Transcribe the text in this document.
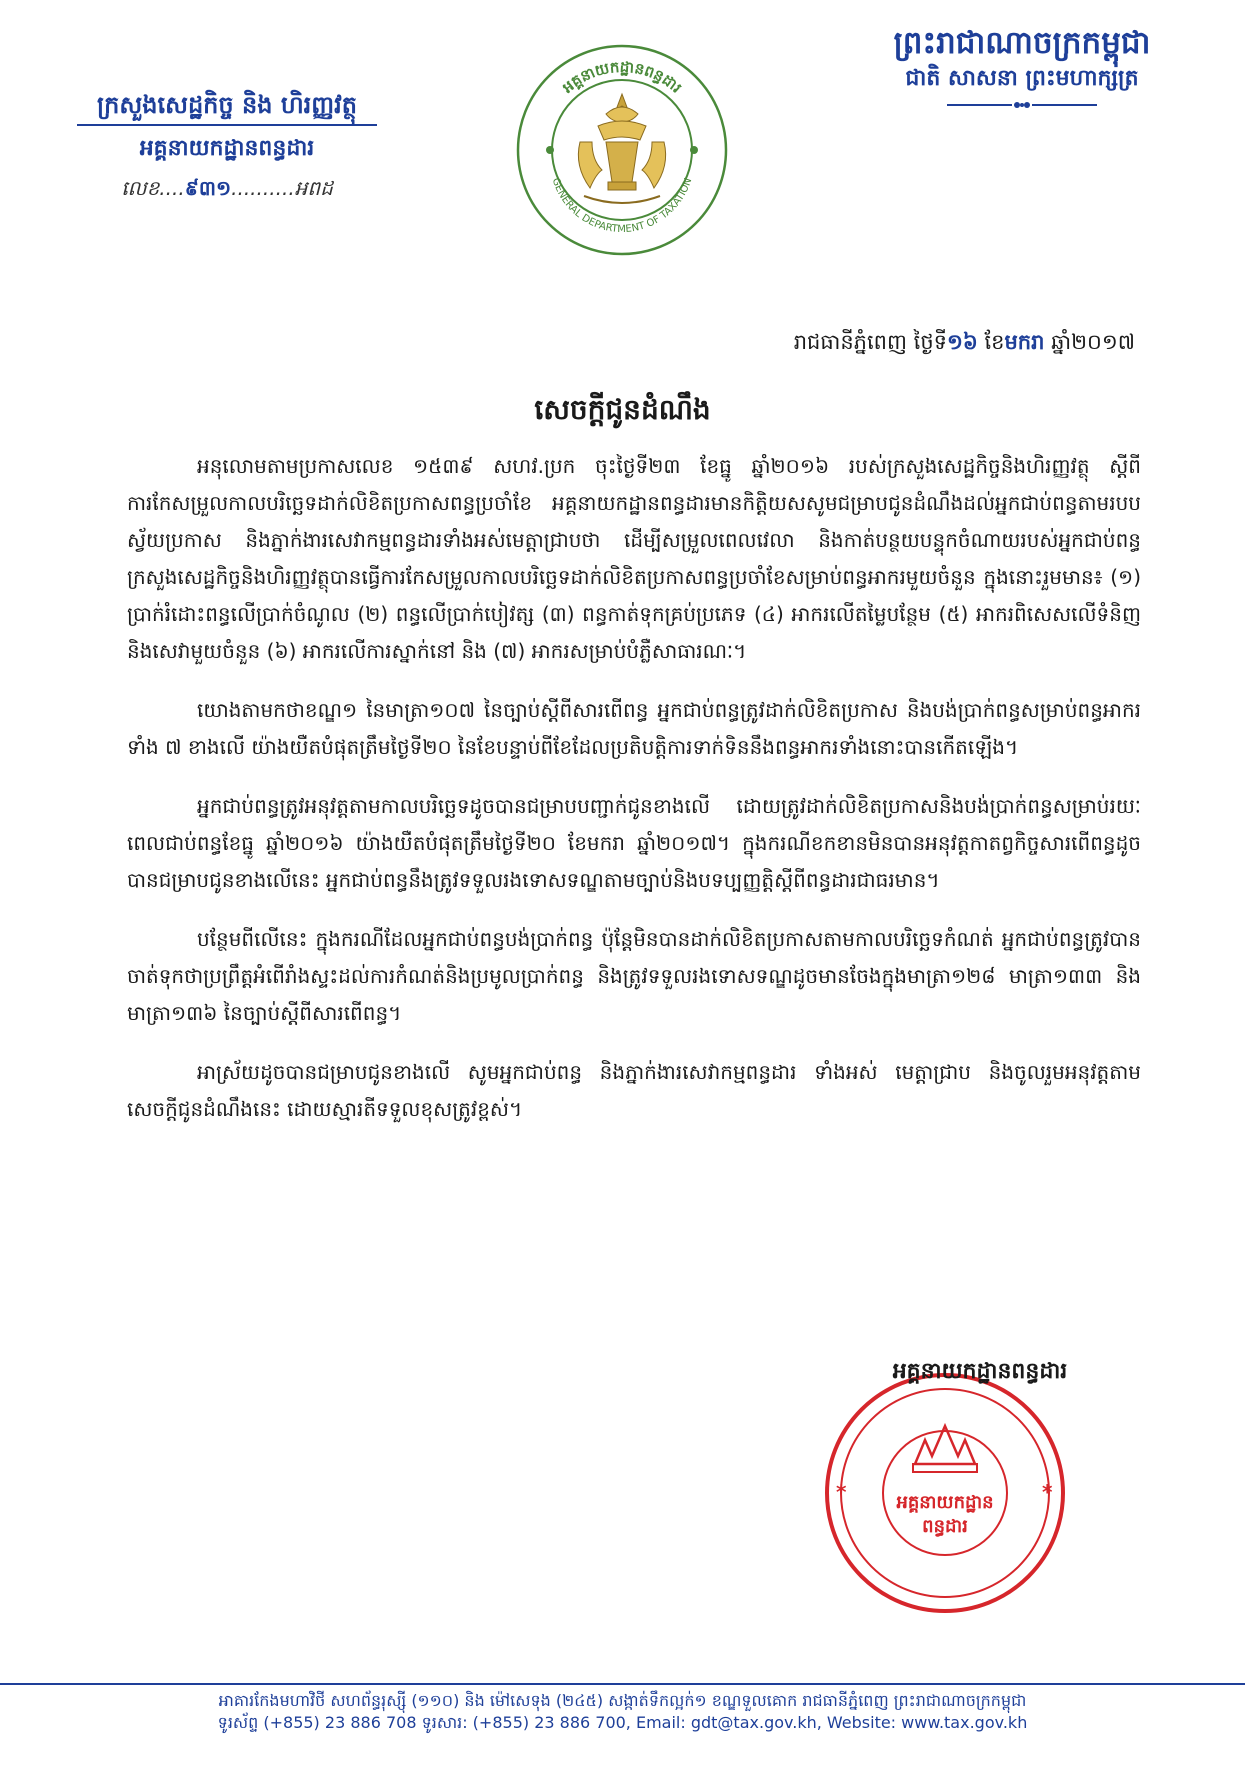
ព្រះរាជាណាចក្រកម្ពុជា
ជាតិ សាសនា ព្រះមហាក្សត្រ
ក្រសួងសេដ្ឋកិច្ច និង ហិរញ្ញវត្ថុ
អគ្គនាយកដ្ឋានពន្ធដារ
លេខ....៩៣១..........អពដ
អគ្គនាយកដ្ឋានពន្ធដារ
GENERAL DEPARTMENT OF TAXATION
រាជធានីភ្នំពេញ ថ្ងៃទី១៦ ខែមករា ឆ្នាំ២០១៧
សេចក្តីជូនដំណឹង

អនុលោមតាមប្រកាសលេខ ១៥៣៩ សហវ.ប្រក ចុះថ្ងៃទី២៣ ខែធ្នូ ឆ្នាំ២០១៦ របស់ក្រសួងសេដ្ឋកិច្ចនិងហិរញ្ញវត្ថុ ស្តីពីការកែសម្រួលកាលបរិច្ឆេទដាក់លិខិតប្រកាសពន្ធប្រចាំខែ អគ្គនាយកដ្ឋានពន្ធដារមានកិត្តិយសសូមជម្រាបជូនដំណឹងដល់អ្នកជាប់ពន្ធតាមរបបស្វ័យប្រកាស និងភ្នាក់ងារសេវាកម្មពន្ធដារទាំងអស់មេត្តាជ្រាបថា ដើម្បីសម្រួលពេលវេលា និងកាត់បន្ថយបន្ទុកចំណាយរបស់អ្នកជាប់ពន្ធ ក្រសួងសេដ្ឋកិច្ចនិងហិរញ្ញវត្ថុបានធ្វើការកែសម្រួលកាលបរិច្ឆេទដាក់លិខិតប្រកាសពន្ធប្រចាំខែសម្រាប់ពន្ធអាករមួយចំនួន ក្នុងនោះរួមមាន៖ (១) ប្រាក់រំដោះពន្ធលើប្រាក់ចំណូល (២) ពន្ធលើប្រាក់បៀវត្ស (៣) ពន្ធកាត់ទុកគ្រប់ប្រភេទ (៤) អាករលើតម្លៃបន្ថែម (៥) អាករពិសេសលើទំនិញនិងសេវាមួយចំនួន (៦) អាករលើការស្នាក់នៅ និង (៧) អាករសម្រាប់បំភ្លឺសាធារណៈ។

យោងតាមកថាខណ្ឌ១ នៃមាត្រា១០៧ នៃច្បាប់ស្តីពីសារពើពន្ធ អ្នកជាប់ពន្ធត្រូវដាក់លិខិតប្រកាស និងបង់ប្រាក់ពន្ធសម្រាប់ពន្ធអាករទាំង ៧ ខាងលើ យ៉ាងយឺតបំផុតត្រឹមថ្ងៃទី២០ នៃខែបន្ទាប់ពីខែដែលប្រតិបត្តិការទាក់ទិននឹងពន្ធអាករទាំងនោះបានកើតឡើង។

អ្នកជាប់ពន្ធត្រូវអនុវត្តតាមកាលបរិច្ឆេទដូចបានជម្រាបបញ្ជាក់ជូនខាងលើ ដោយត្រូវដាក់លិខិតប្រកាសនិងបង់ប្រាក់ពន្ធសម្រាប់រយៈពេលជាប់ពន្ធខែធ្នូ ឆ្នាំ២០១៦ យ៉ាងយឺតបំផុតត្រឹមថ្ងៃទី២០ ខែមករា ឆ្នាំ២០១៧។ ក្នុងករណីខកខានមិនបានអនុវត្តកាតព្វកិច្ចសារពើពន្ធដូចបានជម្រាបជូនខាងលើនេះ អ្នកជាប់ពន្ធនឹងត្រូវទទួលរងទោសទណ្ឌតាមច្បាប់និងបទប្បញ្ញត្តិស្តីពីពន្ធដារជាធរមាន។

បន្ថែមពីលើនេះ ក្នុងករណីដែលអ្នកជាប់ពន្ធបង់ប្រាក់ពន្ធ ប៉ុន្តែមិនបានដាក់លិខិតប្រកាសតាមកាលបរិច្ឆេទកំណត់ អ្នកជាប់ពន្ធត្រូវបានចាត់ទុកថាប្រព្រឹត្តអំពើរាំងស្ទះដល់ការកំណត់និងប្រមូលប្រាក់ពន្ធ និងត្រូវទទួលរងទោសទណ្ឌដូចមានចែងក្នុងមាត្រា១២៨ មាត្រា១៣៣ និងមាត្រា១៣៦ នៃច្បាប់ស្តីពីសារពើពន្ធ។

អាស្រ័យដូចបានជម្រាបជូនខាងលើ សូមអ្នកជាប់ពន្ធ និងភ្នាក់ងារសេវាកម្មពន្ធដារ ទាំងអស់ មេត្តាជ្រាប និងចូលរួមអនុវត្តតាមសេចក្តីជូនដំណឹងនេះ ដោយស្មារតីទទួលខុសត្រូវខ្ពស់។

អគ្គនាយកដ្ឋាន
ពន្ធដារ
*	*
អគ្គនាយកដ្ឋានពន្ធដារ
អាគារកែងមហាវិថី សហព័ន្ធរុស្ស៊ី (១១០) និង ម៉ៅសេទុង (២៤៥) សង្កាត់ទឹកល្អក់១ ខណ្ឌទួលគោក រាជធានីភ្នំពេញ ព្រះរាជាណាចក្រកម្ពុជា
ទូរស័ព្ទ (+855) 23 886 708 ទូរសារ: (+855) 23 886 700, Email: gdt@tax.gov.kh, Website: www.tax.gov.kh
